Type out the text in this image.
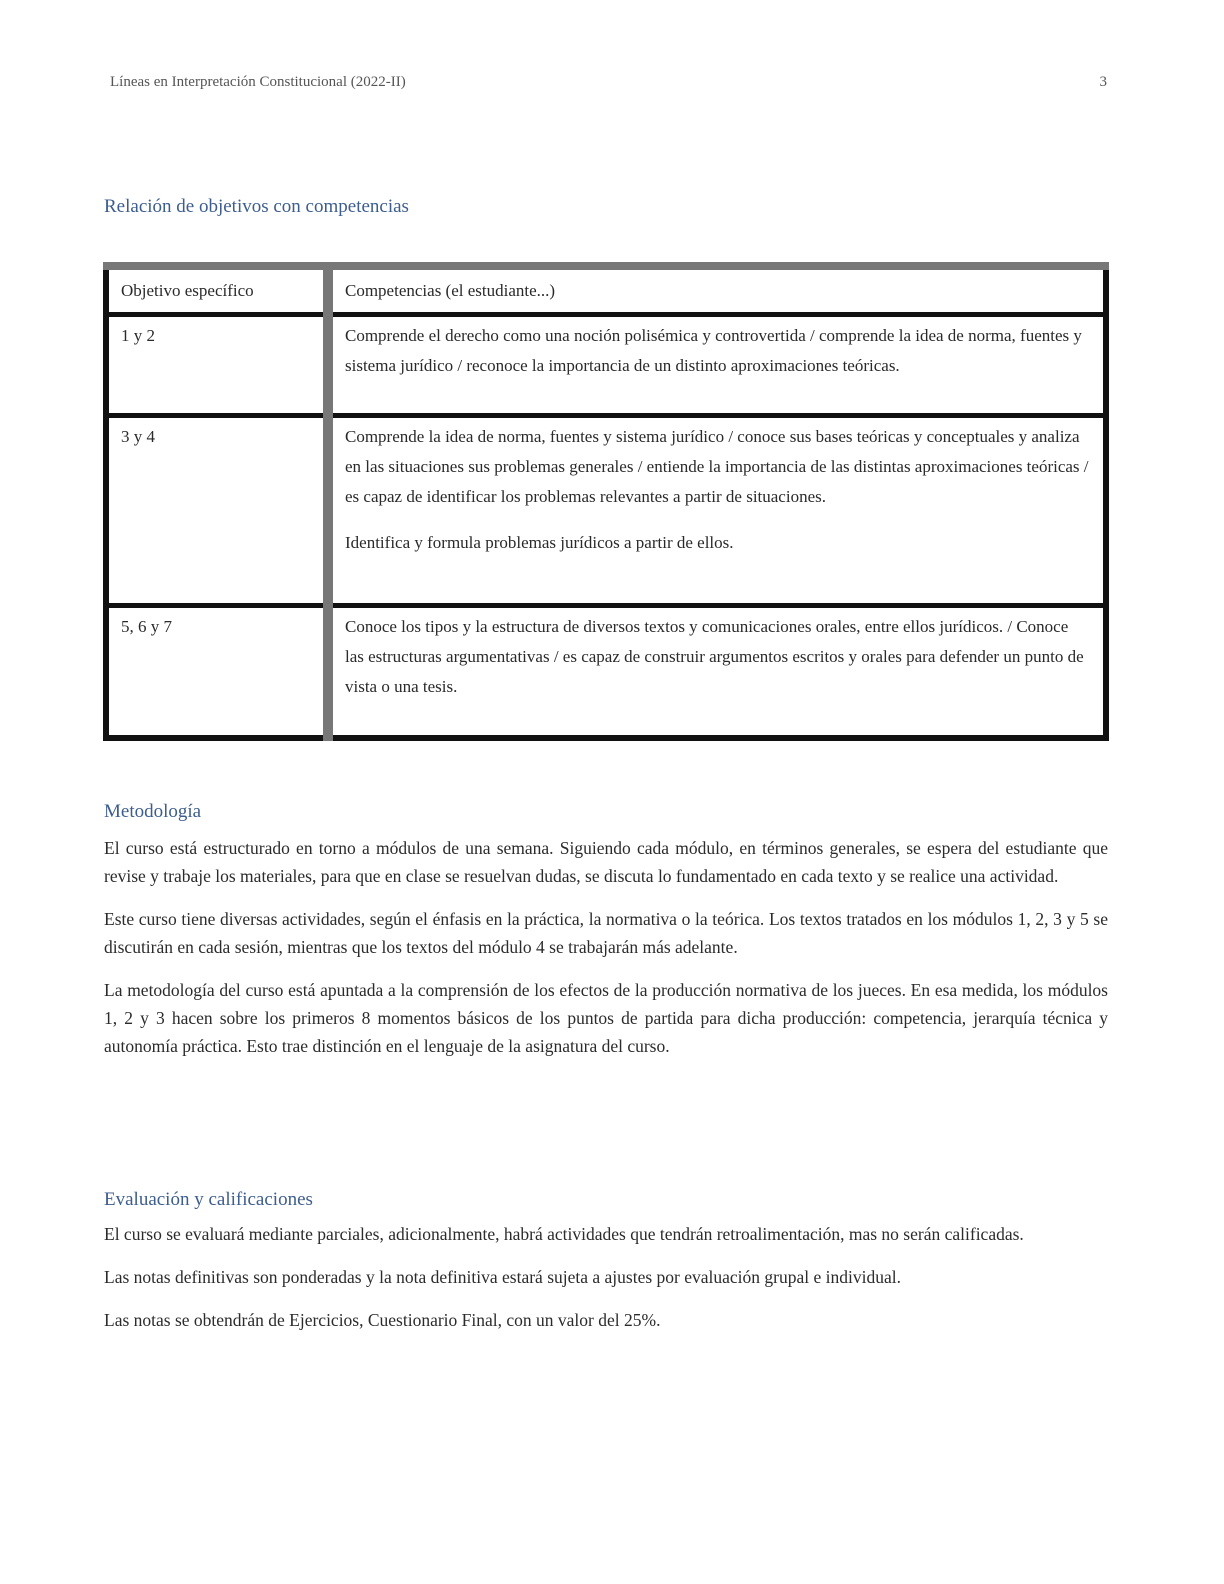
Líneas en Interpretación Constitucional (2022-II)	3
Relación de objetivos con competencias
Objetivo específico	Competencias (el estudiante...)
1 y 2	Comprende el derecho como una noción polisémica y controvertida / comprende la idea de norma, fuentes y sistema jurídico / reconoce la importancia de un distinto aproximaciones teóricas.

3 y 4	Comprende la idea de norma, fuentes y sistema jurídico / conoce sus bases teóricas y conceptuales y analiza en las situaciones sus problemas generales / entiende la importancia de las distintas aproximaciones teóricas / es capaz de identificar los problemas relevantes a partir de situaciones.

Identifica y formula problemas jurídicos a partir de ellos.

5, 6 y 7	Conoce los tipos y la estructura de diversos textos y comunicaciones orales, entre ellos jurídicos. / Conoce las estructuras argumentativas / es capaz de construir argumentos escritos y orales para defender un punto de vista o una tesis.

Metodología

El curso está estructurado en torno a módulos de una semana. Siguiendo cada módulo, en términos generales, se espera del estudiante que revise y trabaje los materiales, para que en clase se resuelvan dudas, se discuta lo fundamentado en cada texto y se realice una actividad.

Este curso tiene diversas actividades, según el énfasis en la práctica, la normativa o la teórica. Los textos tratados en los módulos 1, 2, 3 y 5 se discutirán en cada sesión, mientras que los textos del módulo 4 se trabajarán más adelante.

La metodología del curso está apuntada a la comprensión de los efectos de la producción normativa de los jueces. En esa medida, los módulos 1, 2 y 3 hacen sobre los primeros 8 momentos básicos de los puntos de partida para dicha producción: competencia, jerarquía técnica y autonomía práctica. Esto trae distinción en el lenguaje de la asignatura del curso.

Evaluación y calificaciones

El curso se evaluará mediante parciales, adicionalmente, habrá actividades que tendrán retroalimentación, mas no serán calificadas.

Las notas definitivas son ponderadas y la nota definitiva estará sujeta a ajustes por evaluación grupal e individual.

Las notas se obtendrán de Ejercicios, Cuestionario Final, con un valor del 25%.
